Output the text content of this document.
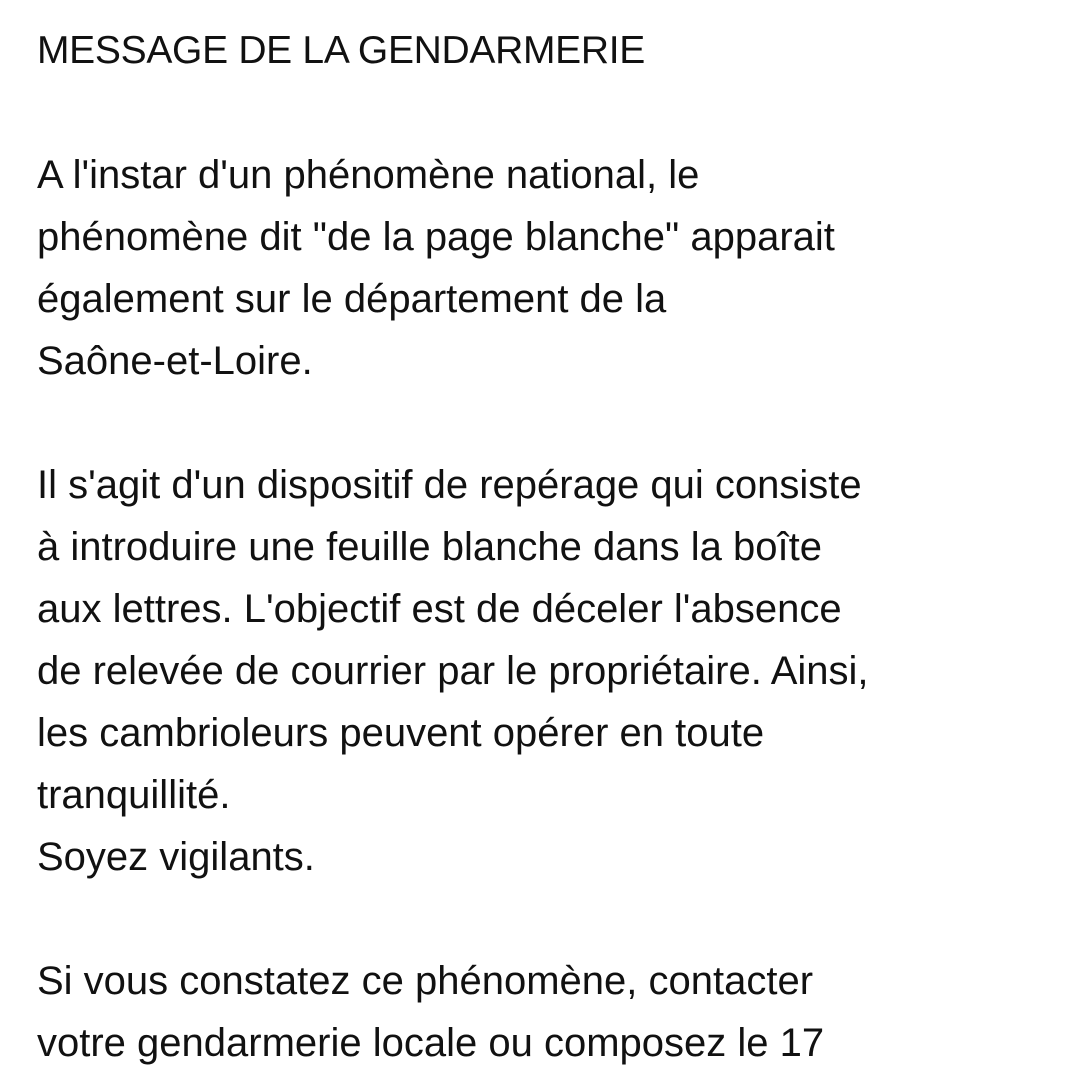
MESSAGE DE LA GENDARMERIE

A l'instar d'un phénomène national, le
phénomène dit "de la page blanche" apparait
également sur le département de la
Saône-et-Loire.

Il s'agit d'un dispositif de repérage qui consiste
à introduire une feuille blanche dans la boîte
aux lettres. L'objectif est de déceler l'absence
de relevée de courrier par le propriétaire. Ainsi,
les cambrioleurs peuvent opérer en toute
tranquillité.
Soyez vigilants.

Si vous constatez ce phénomène, contacter
votre gendarmerie locale ou composez le 17
